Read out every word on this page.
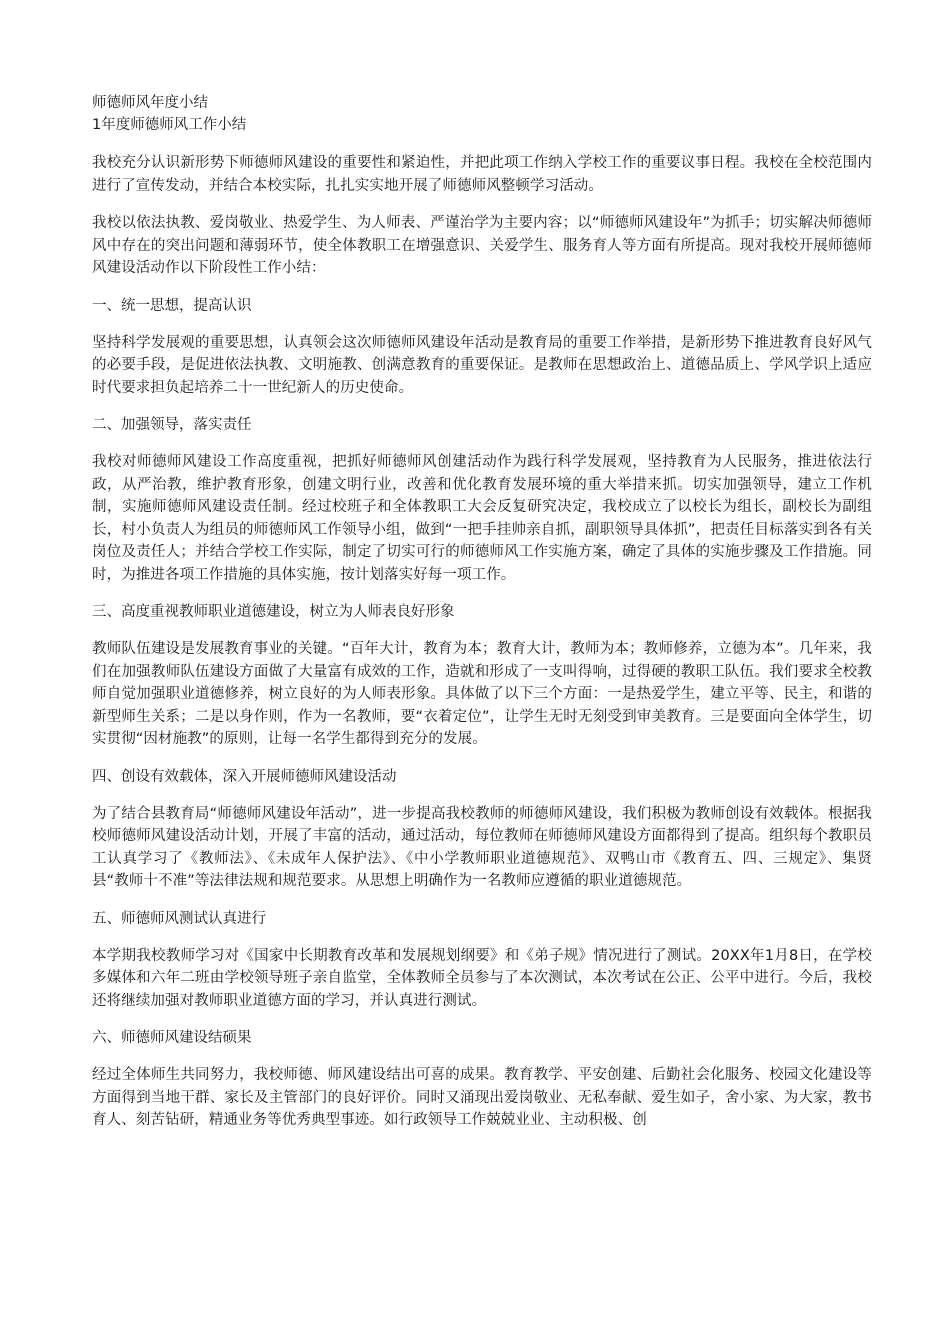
师德师风年度小结

1年度师德师风工作小结

我校充分认识新形势下师德师风建设的重要性和紧迫性，并把此项工作纳入学校工作的重要议事日程。我校在全校范围内进行了宣传发动，并结合本校实际，扎扎实实地开展了师德师风整顿学习活动。

我校以依法执教、爱岗敬业、热爱学生、为人师表、严谨治学为主要内容；以“师德师风建设年”为抓手；切实解决师德师风中存在的突出问题和薄弱环节，使全体教职工在增强意识、关爱学生、服务育人等方面有所提高。现对我校开展师德师风建设活动作以下阶段性工作小结：

一、统一思想，提高认识

坚持科学发展观的重要思想，认真领会这次师德师风建设年活动是教育局的重要工作举措，是新形势下推进教育良好风气的必要手段，是促进依法执教、文明施教、创满意教育的重要保证。是教师在思想政治上、道德品质上、学风学识上适应时代要求担负起培养二十一世纪新人的历史使命。

二、加强领导，落实责任

我校对师德师风建设工作高度重视，把抓好师德师风创建活动作为践行科学发展观，坚持教育为人民服务，推进依法行政，从严治教，维护教育形象，创建文明行业，改善和优化教育发展环境的重大举措来抓。切实加强领导，建立工作机制，实施师德师风建设责任制。经过校班子和全体教职工大会反复研究决定，我校成立了以校长为组长，副校长为副组长，村小负责人为组员的师德师风工作领导小组，做到“一把手挂帅亲自抓，副职领导具体抓”，把责任目标落实到各有关岗位及责任人；并结合学校工作实际，制定了切实可行的师德师风工作实施方案，确定了具体的实施步骤及工作措施。同时，为推进各项工作措施的具体实施，按计划落实好每一项工作。

三、高度重视教师职业道德建设，树立为人师表良好形象

教师队伍建设是发展教育事业的关键。“百年大计，教育为本；教育大计，教师为本；教师修养，立德为本”。几年来，我们在加强教师队伍建设方面做了大量富有成效的工作，造就和形成了一支叫得响，过得硬的教职工队伍。我们要求全校教师自觉加强职业道德修养，树立良好的为人师表形象。具体做了以下三个方面：一是热爱学生，建立平等、民主，和谐的新型师生关系；二是以身作则，作为一名教师，要“衣着定位”，让学生无时无刻受到审美教育。三是要面向全体学生，切实贯彻“因材施教”的原则，让每一名学生都得到充分的发展。

四、创设有效载体，深入开展师德师风建设活动

为了结合县教育局“师德师风建设年活动”，进一步提高我校教师的师德师风建设，我们积极为教师创设有效载体。根据我校师德师风建设活动计划，开展了丰富的活动，通过活动，每位教师在师德师风建设方面都得到了提高。组织每个教职员工认真学习了《教师法》、《未成年人保护法》、《中小学教师职业道德规范》、双鸭山市《教育五、四、三规定》、集贤县“教师十不准”等法律法规和规范要求。从思想上明确作为一名教师应遵循的职业道德规范。

五、师德师风测试认真进行

本学期我校教师学习对《国家中长期教育改革和发展规划纲要》和《弟子规》情况进行了测试。20XX年1月8日，在学校多媒体和六年二班由学校领导班子亲自监堂，全体教师全员参与了本次测试，本次考试在公正、公平中进行。今后，我校还将继续加强对教师职业道德方面的学习，并认真进行测试。

六、师德师风建设结硕果

经过全体师生共同努力，我校师德、师风建设结出可喜的成果。教育教学、平安创建、后勤社会化服务、校园文化建设等方面得到当地干群、家长及主管部门的良好评价。同时又涌现出爱岗敬业、无私奉献、爱生如子，舍小家、为大家，教书育人、刻苦钻研，精通业务等优秀典型事迹。如行政领导工作兢兢业业、主动积极、创
